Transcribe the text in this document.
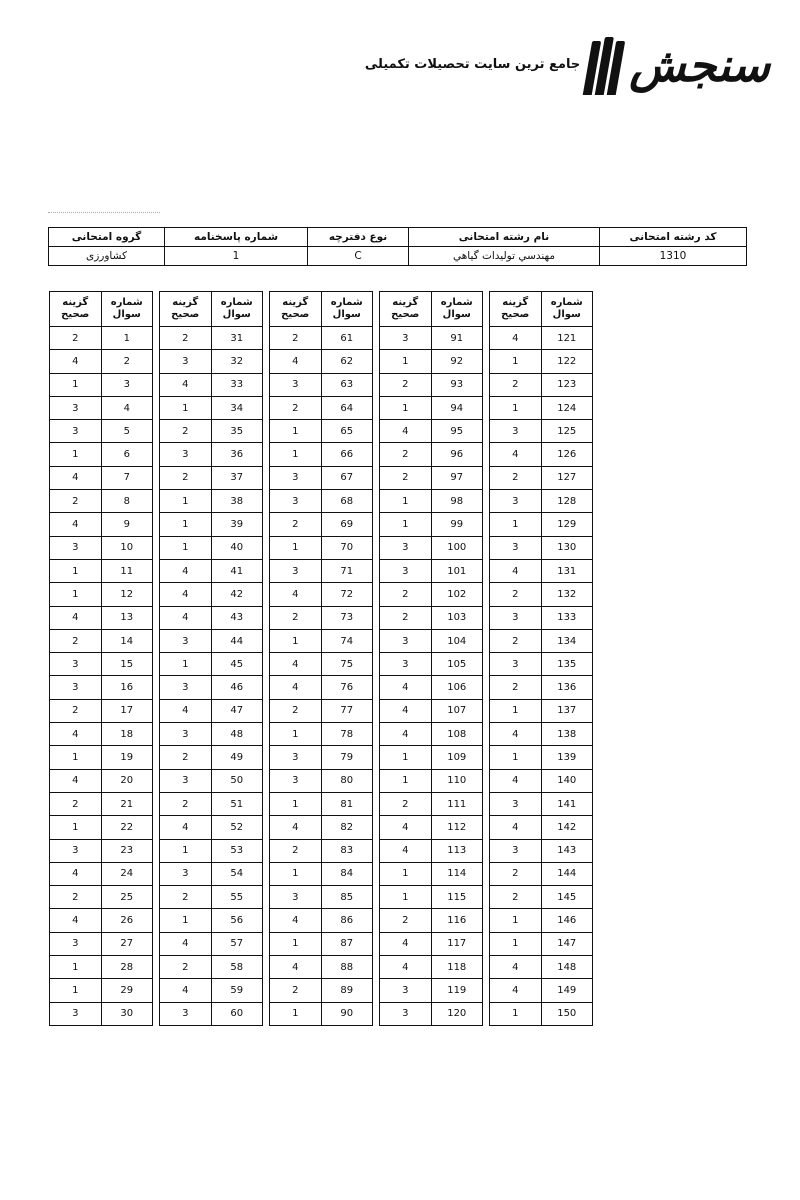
سنجش
جامع ترین سایت تحصیلات تکمیلی
کد رشته امتحانی	نام رشته امتحانی	نوع دفترچه	شماره پاسخنامه	گروه امتحانی
1310	مهندسي توليدات گياهي	C	1	کشاورزی
شماره سوال	گزینه صحیح
1	2
2	4
3	1
4	3
5	3
6	1
7	4
8	2
9	4
10	3
11	1
12	1
13	4
14	2
15	3
16	3
17	2
18	4
19	1
20	4
21	2
22	1
23	3
24	4
25	2
26	4
27	3
28	1
29	1
30	3
شماره سوال	گزینه صحیح
31	2
32	3
33	4
34	1
35	2
36	3
37	2
38	1
39	1
40	1
41	4
42	4
43	4
44	3
45	1
46	3
47	4
48	3
49	2
50	3
51	2
52	4
53	1
54	3
55	2
56	1
57	4
58	2
59	4
60	3
شماره سوال	گزینه صحیح
61	2
62	4
63	3
64	2
65	1
66	1
67	3
68	3
69	2
70	1
71	3
72	4
73	2
74	1
75	4
76	4
77	2
78	1
79	3
80	3
81	1
82	4
83	2
84	1
85	3
86	4
87	1
88	4
89	2
90	1
شماره سوال	گزینه صحیح
91	3
92	1
93	2
94	1
95	4
96	2
97	2
98	1
99	1
100	3
101	3
102	2
103	2
104	3
105	3
106	4
107	4
108	4
109	1
110	1
111	2
112	4
113	4
114	1
115	1
116	2
117	4
118	4
119	3
120	3
شماره سوال	گزینه صحیح
121	4
122	1
123	2
124	1
125	3
126	4
127	2
128	3
129	1
130	3
131	4
132	2
133	3
134	2
135	3
136	2
137	1
138	4
139	1
140	4
141	3
142	4
143	3
144	2
145	2
146	1
147	1
148	4
149	4
150	1
